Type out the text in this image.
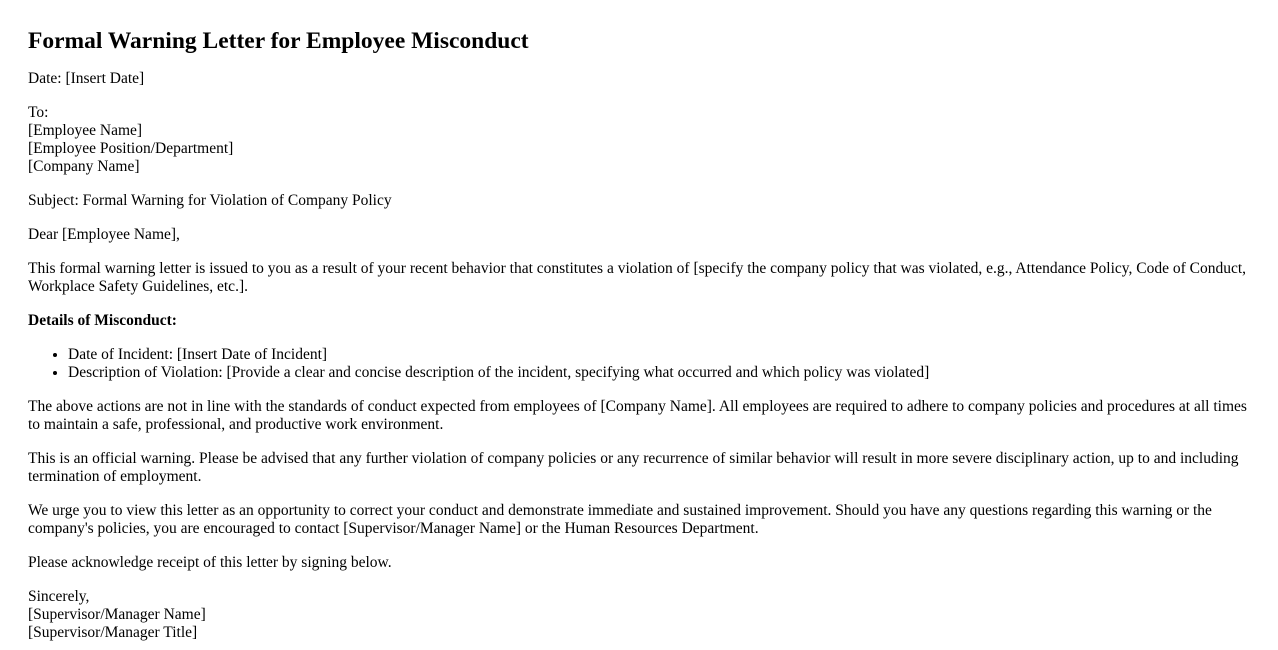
Formal Warning Letter for Employee Misconduct

Date: [Insert Date]

To:
[Employee Name]
[Employee Position/Department]
[Company Name]

Subject: Formal Warning for Violation of Company Policy

Dear [Employee Name],

This formal warning letter is issued to you as a result of your recent behavior that constitutes a violation of [specify the company policy that was violated, e.g., Attendance Policy, Code of Conduct, Workplace Safety Guidelines, etc.].

Details of Misconduct:

• Date of Incident: [Insert Date of Incident]
• Description of Violation: [Provide a clear and concise description of the incident, specifying what occurred and which policy was violated]

The above actions are not in line with the standards of conduct expected from employees of [Company Name]. All employees are required to adhere to company policies and procedures at all times to maintain a safe, professional, and productive work environment.

This is an official warning. Please be advised that any further violation of company policies or any recurrence of similar behavior will result in more severe disciplinary action, up to and including termination of employment.

We urge you to view this letter as an opportunity to correct your conduct and demonstrate immediate and sustained improvement. Should you have any questions regarding this warning or the company's policies, you are encouraged to contact [Supervisor/Manager Name] or the Human Resources Department.

Please acknowledge receipt of this letter by signing below.

Sincerely,
[Supervisor/Manager Name]
[Supervisor/Manager Title]
